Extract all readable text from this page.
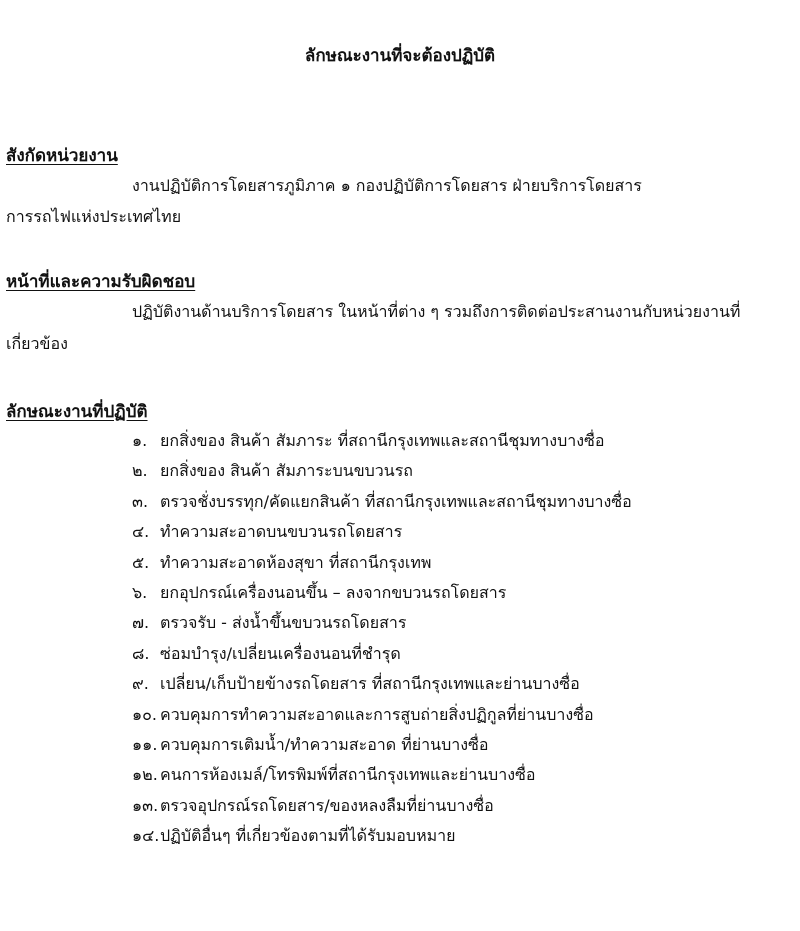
ลักษณะงานที่จะต้องปฏิบัติ
สังกัดหน่วยงาน
งานปฏิบัติการโดยสารภูมิภาค ๑ กองปฏิบัติการโดยสาร ฝ่ายบริการโดยสาร
การรถไฟแห่งประเทศไทย
หน้าที่และความรับผิดชอบ
ปฏิบัติงานด้านบริการโดยสาร ในหน้าที่ต่าง ๆ รวมถึงการติดต่อประสานงานกับหน่วยงานที่
เกี่ยวข้อง
ลักษณะงานที่ปฏิบัติ
๑. ยกสิ่งของ สินค้า สัมภาระ ที่สถานีกรุงเทพและสถานีชุมทางบางซื่อ
๒. ยกสิ่งของ สินค้า สัมภาระบนขบวนรถ
๓. ตรวจชั่งบรรทุก/คัดแยกสินค้า ที่สถานีกรุงเทพและสถานีชุมทางบางซื่อ
๔. ทำความสะอาดบนขบวนรถโดยสาร
๕. ทำความสะอาดห้องสุขา ที่สถานีกรุงเทพ
๖. ยกอุปกรณ์เครื่องนอนขึ้น – ลงจากขบวนรถโดยสาร
๗. ตรวจรับ - ส่งน้ำขึ้นขบวนรถโดยสาร
๘. ซ่อมบำรุง/เปลี่ยนเครื่องนอนที่ชำรุด
๙. เปลี่ยน/เก็บป้ายข้างรถโดยสาร ที่สถานีกรุงเทพและย่านบางซื่อ
๑๐. ควบคุมการทำความสะอาดและการสูบถ่ายสิ่งปฏิกูลที่ย่านบางซื่อ
๑๑. ควบคุมการเติมน้ำ/ทำความสะอาด ที่ย่านบางซื่อ
๑๒. คนการห้องเมล์/โทรพิมพ์ที่สถานีกรุงเทพและย่านบางซื่อ
๑๓. ตรวจอุปกรณ์รถโดยสาร/ของหลงลืมที่ย่านบางซื่อ
๑๔.ปฏิบัติอื่นๆ ที่เกี่ยวข้องตามที่ได้รับมอบหมาย
